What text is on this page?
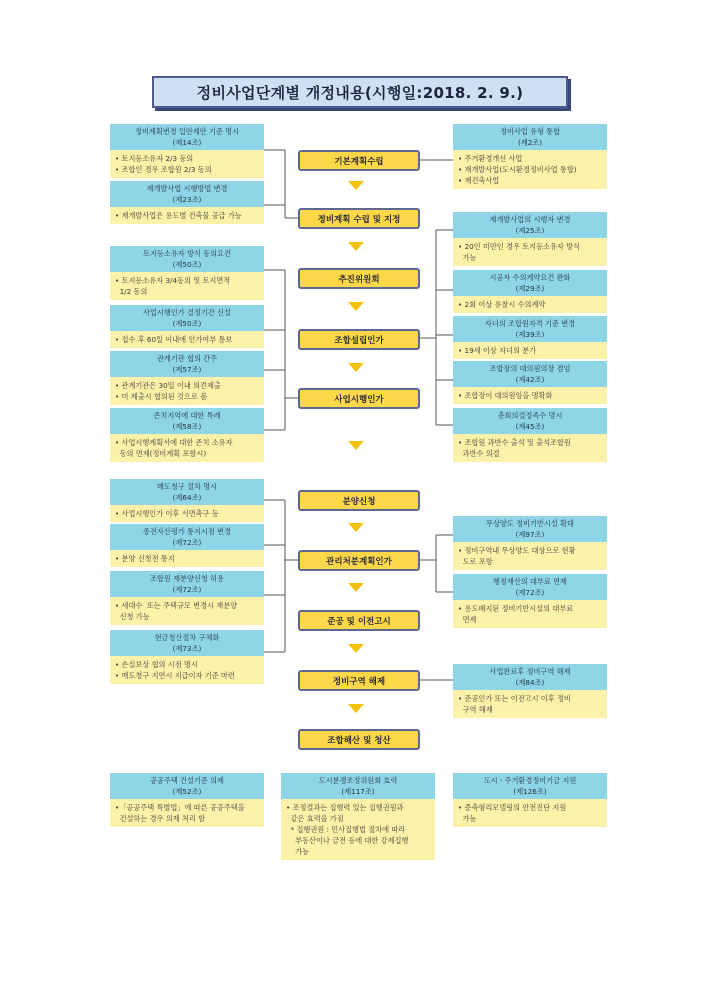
정비사업단계별 개정내용(시행일:2018. 2. 9.)
정비계획변경 입안제안 기준 명시
(제14조)
• 토지등소유자 2/3 동의
• 조합인 경우 조합원 2/3 동의
재개발사업 시행방법 변경
(제23조)
• 재개발사업은 용도별 건축물 공급 가능
토지등소유자 방식 동의요건
(제50조)
• 토지등소유자 3/4동의 및 토지면적
1/2 동의
사업시행인가 결정기간 신설
(제50조)
• 접수 후 60일 이내에 인가여부 통보
관계기관 협의 간주
(제57조)
• 관계기관은 30일 이내 의견제출
• 미 제출시 협의된 것으로 봄
존치지역에 대한 특례
(제58조)
• 사업시행계획서에 대한 존치 소유자
동의 면제(정비계획 포함시)
매도청구 절차 명시
(제64조)
• 사업시행인가 이후 서면촉구 등
종전자산평가 통지시점 변경
(제72조)
• 분양 신청전 통지
조합원 재분양신청 허용
(제72조)
• 세대수  또는 주택규모 변경시 재분양
신청 가능
현금청산절차 구체화
(제73조)
• 손실보상 협의 시점 명시
• 매도청구 지연시 지급이자 기준 마련
기본계획수립
정비계획 수립 및 지정
추진위원회
조합설립인가
사업시행인가
분양신청
관리처분계획인가
준공 및 이전고시
정비구역 해제
조합해산 및 청산
정비사업 유형 통합
(제2조)
• 주거환경개선 사업
• 재개발사업(도시환경정비사업 통합)
• 재건축사업
재개발사업의 시행자 변경
(제25조)
• 20인 미만인 경우 토지등소유자 방식
가능
시공자 수의계약요건 완화
(제29조)
• 2회 이상 유찰시 수의계약
자녀의 조합원자격 기준 변경
(제39조)
• 19세 이상 자녀의 분가
조합장의 대의원의장 겸임
(제42조)
• 조합장이 대의원임을 명확화
총회의결정족수 명시
(제45조)
• 조합원 과반수 출석 및 출석조합원
과반수 의결
무상양도 정비기반시설 확대
(제97조)
• 정비구역내 무상양도 대상으로 현황
도로 포함
행정재산의 대부료 면제
(제72조)
• 용도폐지된 정비기반시설의 대부료
면제
사업완료후 정비구역 해제
(제84조)
• 준공인가 또는 이전고시 이후 정비
구역 해제
공공주택 건설기준 의제
(제52조)
•「공공주택 특별법」에 따른 공공주택을
건설하는 경우 의제 처리 함
도시분쟁조정위원회 효력
(제117조)
• 조정결과는 집행력 있는 집행권원과
같은 효력을 가짐
* 집행권원 : 민사집행법 절차에 따라
부동산이나 금전 등에 대한 강제집행
가능
도시ㆍ주거환경정비기금 지원
(제126조)
• 증축형리모델링의 안전진단 지원
가능
